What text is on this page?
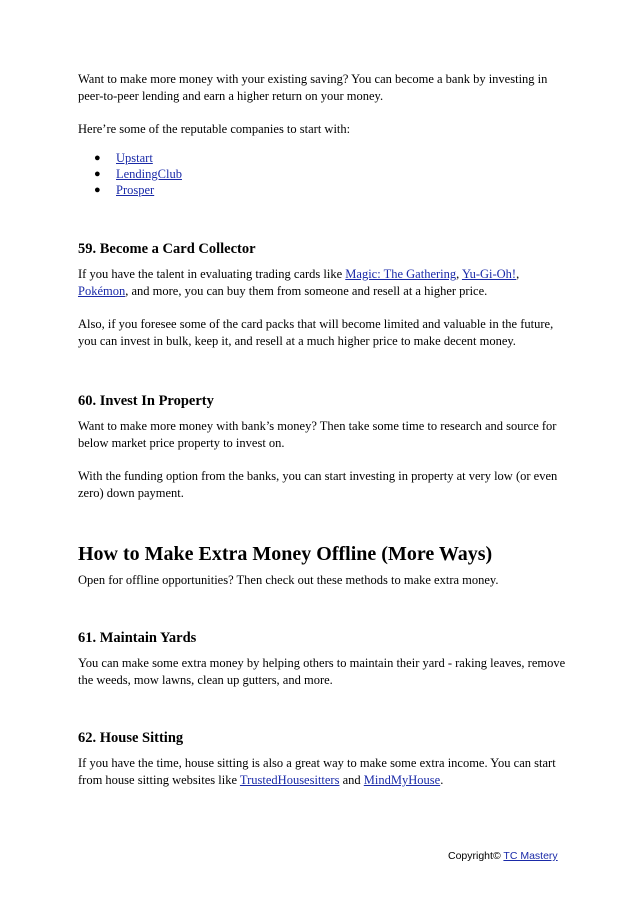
Want to make more money with your existing saving? You can become a bank by investing in peer-to-peer lending and earn a higher return on your money.

Here’re some of the reputable companies to start with:

● Upstart
● LendingClub
● Prosper
59. Become a Card Collector

If you have the talent in evaluating trading cards like Magic: The Gathering, Yu-Gi-Oh!, Pokémon, and more, you can buy them from someone and resell at a higher price.

Also, if you foresee some of the card packs that will become limited and valuable in the future, you can invest in bulk, keep it, and resell at a much higher price to make decent money.

60. Invest In Property

Want to make more money with bank’s money? Then take some time to research and source for below market price property to invest on.

With the funding option from the banks, you can start investing in property at very low (or even zero) down payment.

How to Make Extra Money Offline (More Ways)

Open for offline opportunities? Then check out these methods to make extra money.

61. Maintain Yards

You can make some extra money by helping others to maintain their yard - raking leaves, remove the weeds, mow lawns, clean up gutters, and more.

62. House Sitting

If you have the time, house sitting is also a great way to make some extra income. You can start from house sitting websites like TrustedHousesitters and MindMyHouse.

Copyright© TC Mastery
